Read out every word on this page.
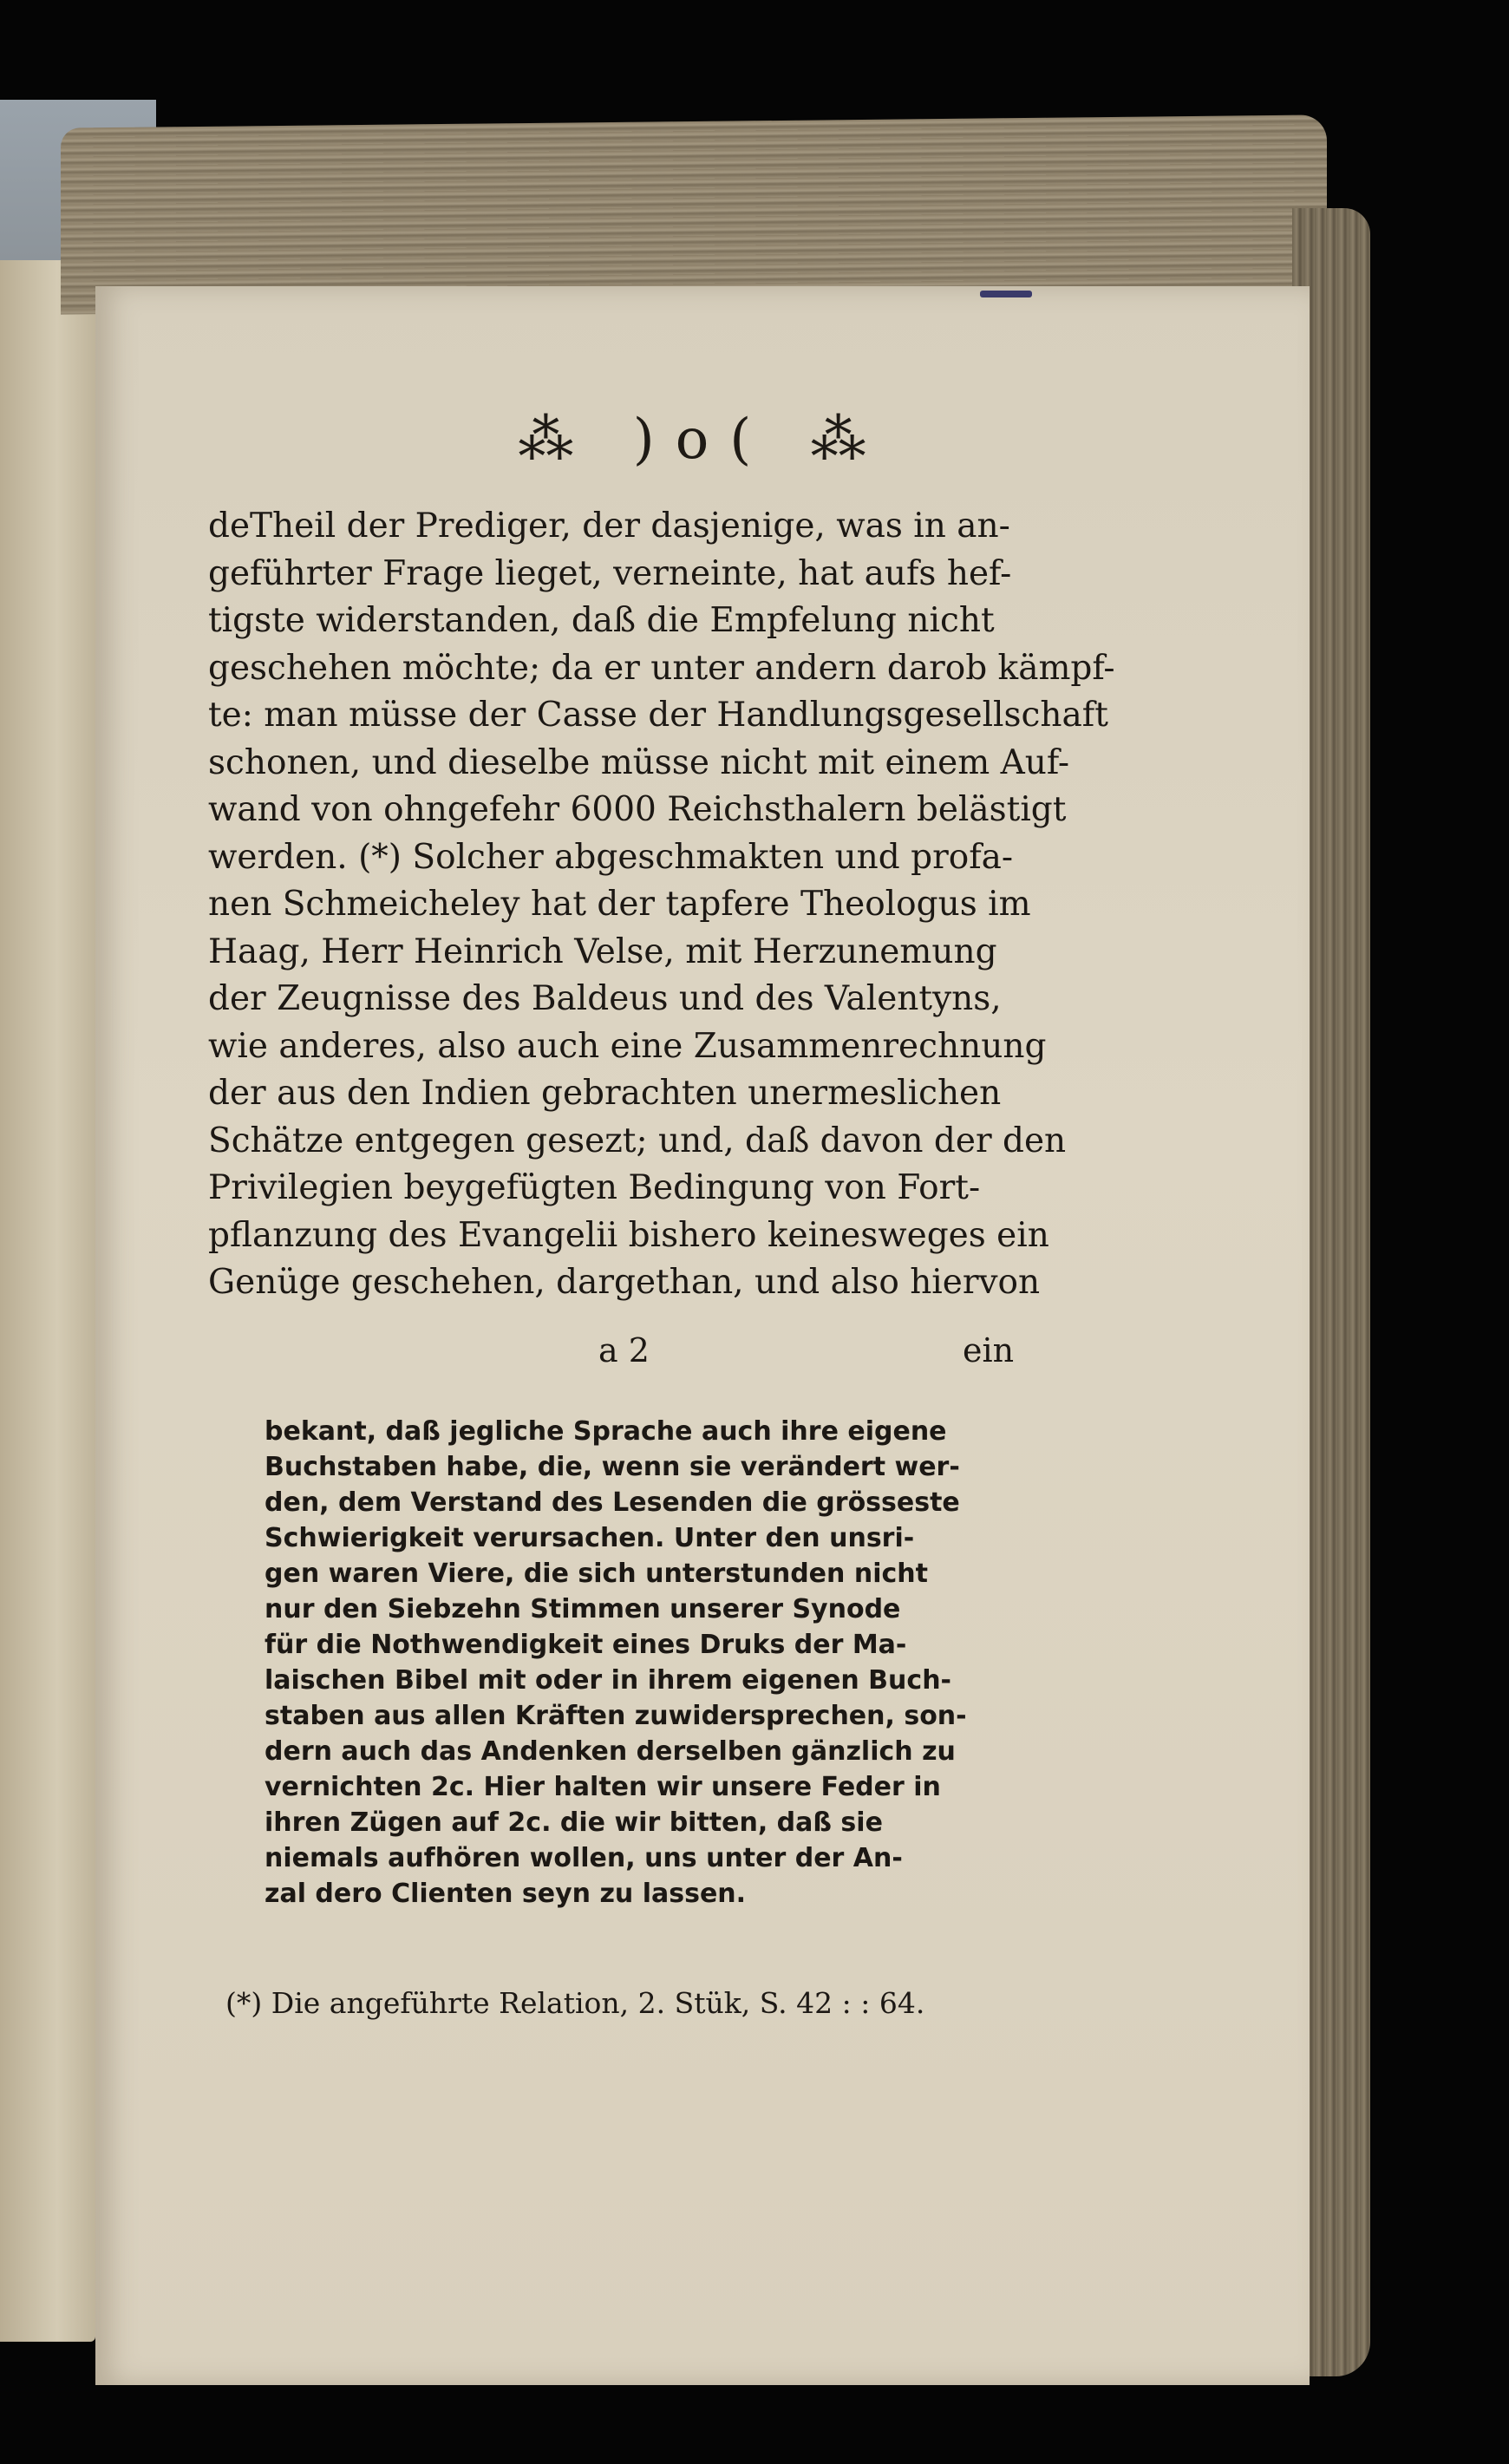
⁂ )o( ⁂
deTheil der Prediger, der dasjenige, was in an-
geführter Frage lieget, verneinte, hat aufs hef-
tigste widerstanden, daß die Empfelung nicht
geschehen möchte; da er unter andern darob kämpf-
te: man müsse der Casse der Handlungsgesellschaft
schonen, und dieselbe müsse nicht mit einem Auf-
wand von ohngefehr 6000 Reichsthalern belästigt
werden. (*) Solcher abgeschmakten und profa-
nen Schmeicheley hat der tapfere Theologus im
Haag, Herr Heinrich Velse, mit Herzunemung
der Zeugnisse des Baldeus und des Valentyns,
wie anderes, also auch eine Zusammenrechnung
der aus den Indien gebrachten unermeslichen
Schätze entgegen gesezt; und, daß davon der den
Privilegien beygefügten Bedingung von Fort-
pflanzung des Evangelii bishero keinesweges ein
Genüge geschehen, dargethan, und also hiervon
a 2	ein
bekant, daß jegliche Sprache auch ihre eigene
Buchstaben habe, die, wenn sie verändert wer-
den, dem Verstand des Lesenden die grösseste
Schwierigkeit verursachen. Unter den unsri-
gen waren Viere, die sich unterstunden nicht
nur den Siebzehn Stimmen unserer Synode
für die Nothwendigkeit eines Druks der Ma-
laischen Bibel mit oder in ihrem eigenen Buch-
staben aus allen Kräften zuwidersprechen, son-
dern auch das Andenken derselben gänzlich zu
vernichten 2c. Hier halten wir unsere Feder in
ihren Zügen auf 2c. die wir bitten, daß sie
niemals aufhören wollen, uns unter der An-
zal dero Clienten seyn zu lassen.
(*) Die angeführte Relation, 2. Stük, S. 42 : : 64.
